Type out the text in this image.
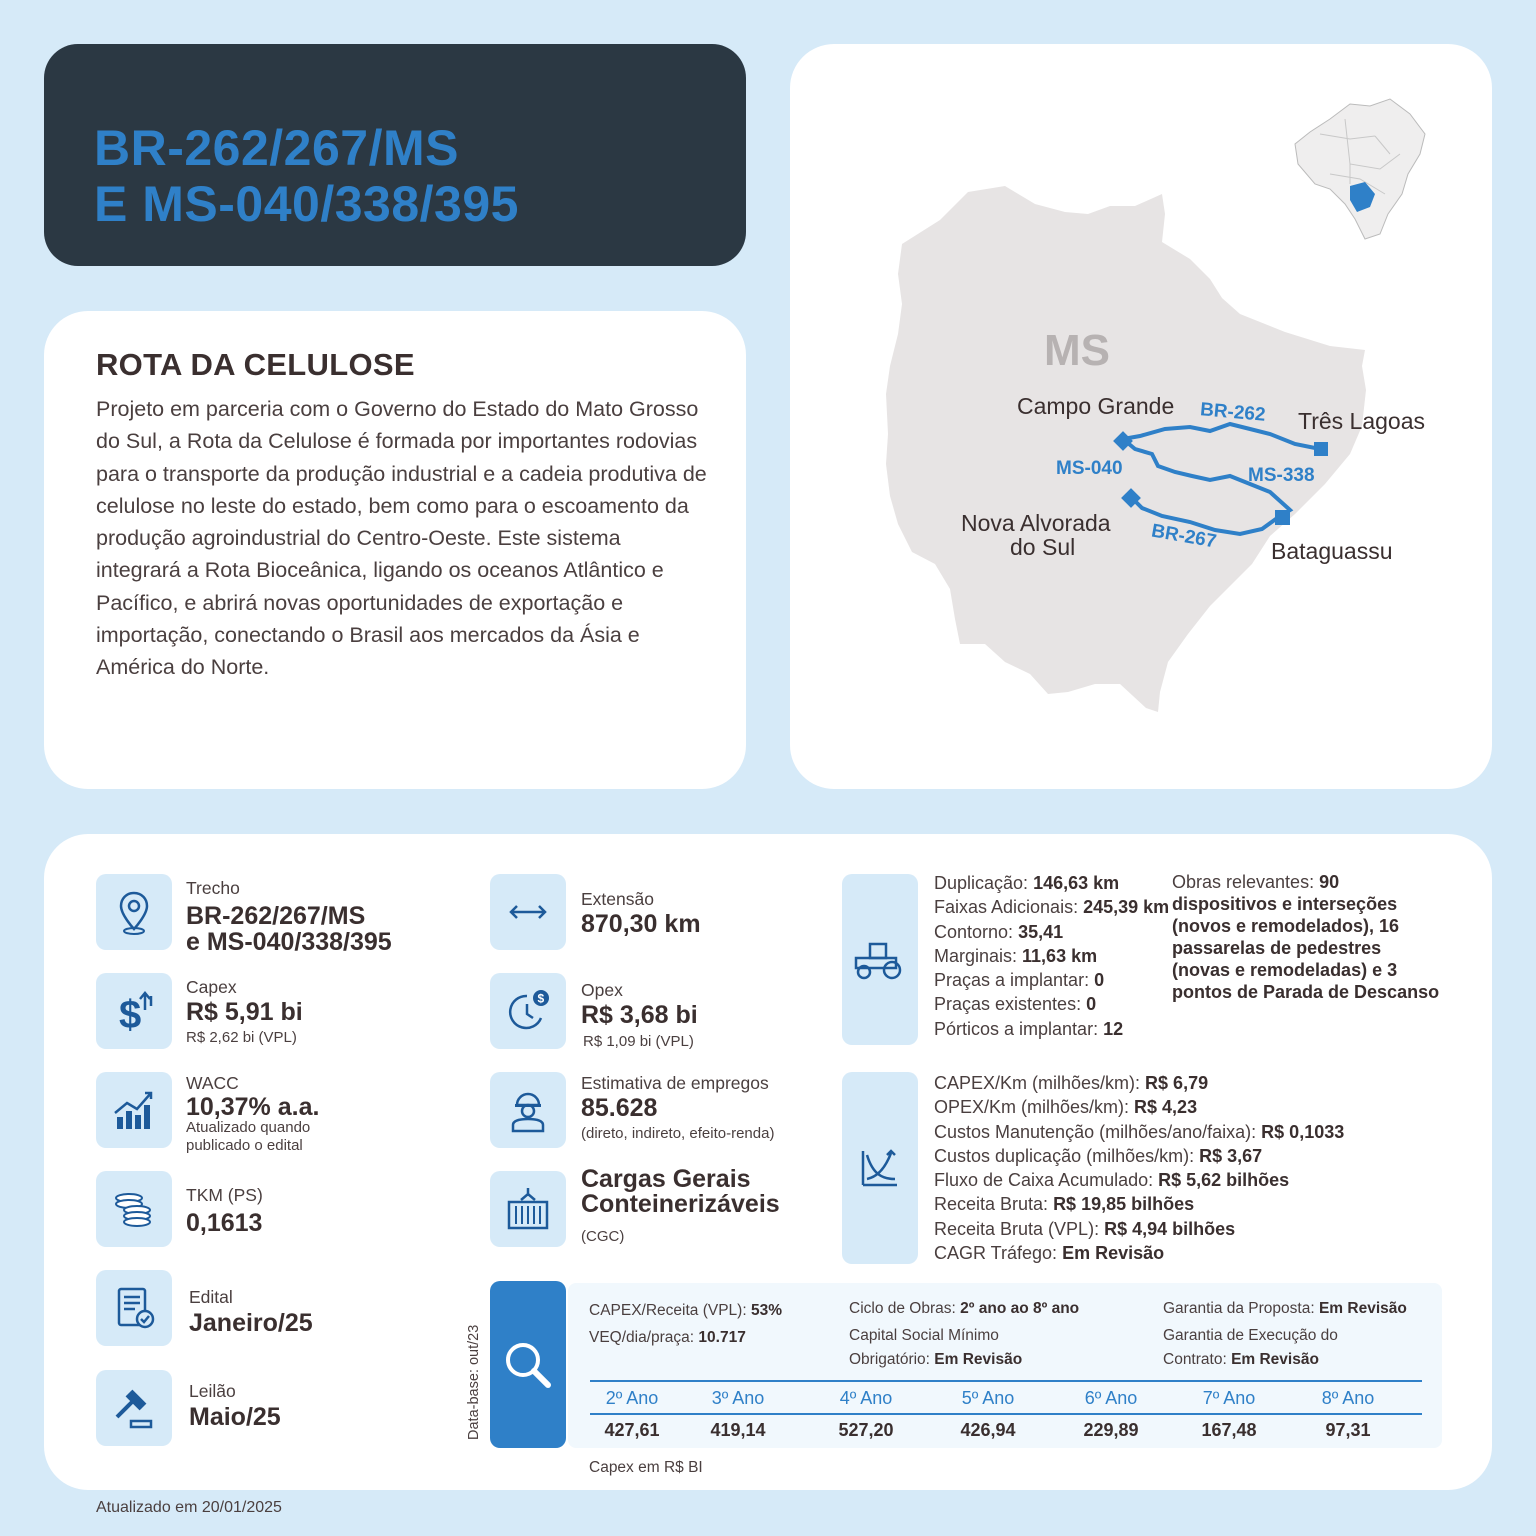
BR-262/267/MS
E MS-040/338/395
ROTA DA CELULOSE

Projeto em parceria com o Governo do Estado do Mato Grosso do Sul, a Rota da Celulose é formada por importantes rodovias para o transporte da produção industrial e a cadeia produtiva de celulose no leste do estado, bem como para o escoamento da produção agroindustrial do Centro-Oeste. Este sistema integrará a Rota Bioceânica, ligando os oceanos Atlântico e Pacífico, e abrirá novas oportunidades de exportação e importação, conectando o Brasil aos mercados da Ásia e América do Norte.

MS
Campo Grande
Três Lagoas
Nova Alvorada
do Sul	Bataguassu
BR-262
MS-040	MS-338
BR-267
Trecho
BR-262/267/MS
e MS-040/338/395
$
Capex
R$ 5,91 bi
R$ 2,62 bi (VPL)
WACC
10,37% a.a.
Atualizado quando
publicado o edital
TKM (PS)
0,1613
Edital
Janeiro/25
Leilão
Maio/25
Extensão
870,30 km
$ Opex
R$ 3,68 bi
R$ 1,09 bi (VPL)
Estimativa de empregos
85.628
(direto, indireto, efeito-renda)
Cargas Gerais
Conteinerizáveis
(CGC)
Duplicação: 146,63 km
Faixas Adicionais: 245,39 km
Contorno: 35,41
Marginais: 11,63 km
Praças a implantar: 0
Praças existentes: 0
Pórticos a implantar: 12
Obras relevantes: 90 dispositivos e interseções (novos e remodelados), 16 passarelas de pedestres (novas e remodeladas) e 3 pontos de Parada de Descanso
CAPEX/Km (milhões/km): R$ 6,79
OPEX/Km (milhões/km): R$ 4,23
Custos Manutenção (milhões/ano/faixa): R$ 0,1033
Custos duplicação (milhões/km): R$ 3,67
Fluxo de Caixa Acumulado: R$ 5,62 bilhões
Receita Bruta: R$ 19,85 bilhões
Receita Bruta (VPL): R$ 4,94 bilhões
CAGR Tráfego: Em Revisão
Data-base: out/23
CAPEX/Receita (VPL): 53%
VEQ/dia/praça: 10.717
Ciclo de Obras: 2º ano ao 8º ano
Capital Social Mínimo
Obrigatório: Em Revisão
Garantia da Proposta: Em Revisão
Garantia de Execução do
Contrato: Em Revisão
2º Ano
427,61
3º Ano
419,14
4º Ano
527,20
5º Ano
426,94
6º Ano
229,89
7º Ano
167,48
8º Ano
97,31
Capex em R$ BI
Atualizado em 20/01/2025
